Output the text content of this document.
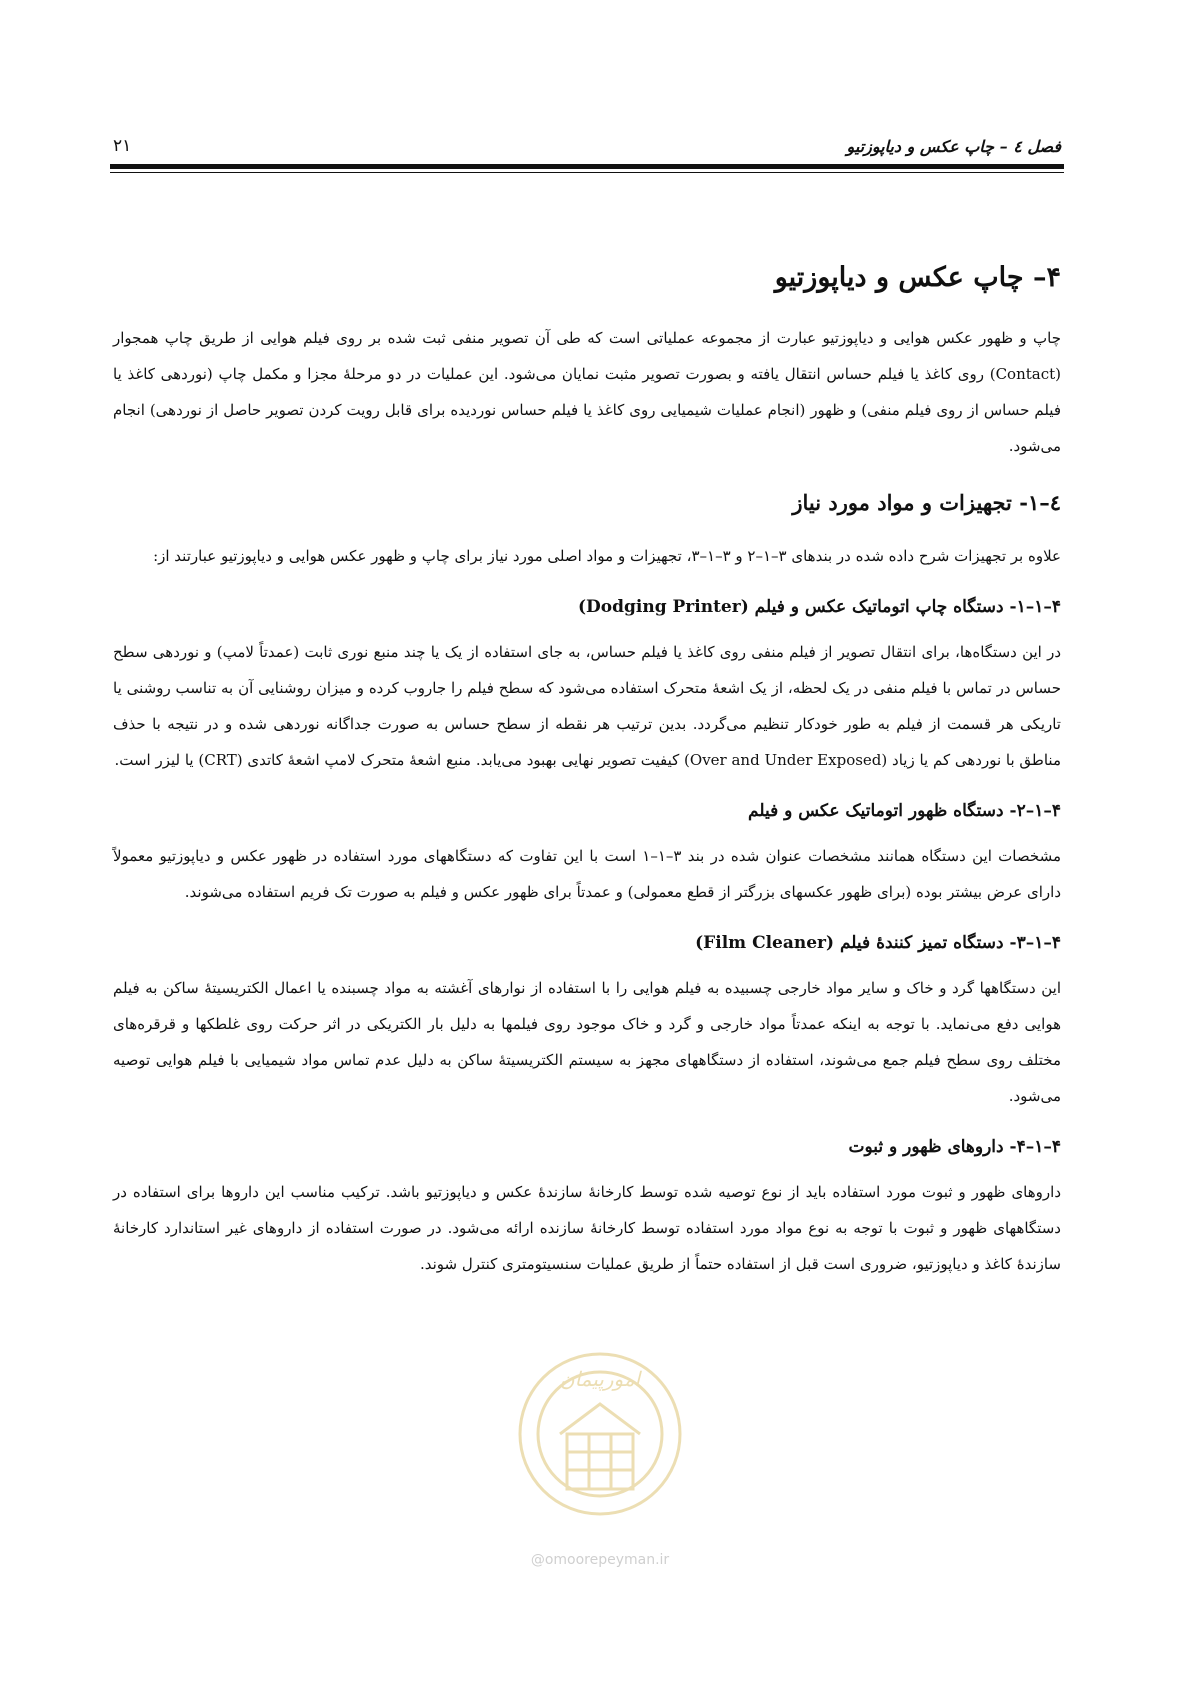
فصل ٤ – چاپ عکس و دیاپوزتیو
۲۱
۴– چاپ عکس و دیاپوزتیو

چاپ و ظهور عکس هوایی و دیاپوزتیو عبارت از مجموعه عملیاتی است که طی آن تصویر منفی ثبت شده بر روی فیلم هوایی از طریق چاپ همجوار (Contact) روی کاغذ یا فیلم حساس انتقال یافته و بصورت تصویر مثبت نمایان می‌شود. این عملیات در دو مرحلهٔ مجزا و مکمل چاپ (نوردهی کاغذ یا فیلم حساس از روی فیلم منفی) و ظهور (انجام عملیات شیمیایی روی کاغذ یا فیلم حساس نوردیده برای قابل رویت کردن تصویر حاصل از نوردهی) انجام می‌شود.

٤–۱- تجهیزات و مواد مورد نیاز

علاوه بر تجهیزات شرح داده شده در بندهای ۳–۱–۲ و ۳–۱–۳، تجهیزات و مواد اصلی مورد نیاز برای چاپ و ظهور عکس هوایی و دیاپوزتیو عبارتند از:

۴–۱–۱- دستگاه چاپ اتوماتیک عکس و فیلم (Dodging Printer)

در این دستگاه‌ها، برای انتقال تصویر از فیلم منفی روی کاغذ یا فیلم حساس، به جای استفاده از یک یا چند منبع نوری ثابت (عمدتاً لامپ) و نوردهی سطح حساس در تماس با فیلم منفی در یک لحظه، از یک اشعهٔ متحرک استفاده می‌شود که سطح فیلم را جاروب کرده و میزان روشنایی آن به تناسب روشنی یا تاریکی هر قسمت از فیلم به طور خودکار تنظیم می‌گردد. بدین ترتیب هر نقطه از سطح حساس به صورت جداگانه نوردهی شده و در نتیجه با حذف مناطق با نوردهی کم یا زیاد (Over and Under Exposed) کیفیت تصویر نهایی بهبود می‌یابد. منبع اشعهٔ متحرک لامپ اشعهٔ کاتدی (CRT) یا لیزر است.

۴–۱–۲- دستگاه ظهور اتوماتیک عکس و فیلم

مشخصات این دستگاه همانند مشخصات عنوان شده در بند ۳–۱–۱ است با این تفاوت که دستگاههای مورد استفاده در ظهور عکس و دیاپوزتیو معمولاً دارای عرض بیشتر بوده (برای ظهور عکسهای بزرگتر از قطع معمولی) و عمدتاً برای ظهور عکس و فیلم به صورت تک فریم استفاده می‌شوند.

۴–۱–۳- دستگاه تمیز کنندهٔ فیلم (Film Cleaner)

این دستگاهها گرد و خاک و سایر مواد خارجی چسبیده به فیلم هوایی را با استفاده از نوارهای آغشته به مواد چسبنده یا اعمال الکتریسیتهٔ ساکن به فیلم هوایی دفع می‌نماید. با توجه به اینکه عمدتاً مواد خارجی و گرد و خاک موجود روی فیلمها به دلیل بار الکتریکی در اثر حرکت روی غلطکها و قرقره‌های مختلف روی سطح فیلم جمع می‌شوند، استفاده از دستگاههای مجهز به سیستم الکتریسیتهٔ ساکن به دلیل عدم تماس مواد شیمیایی با فیلم هوایی توصیه می‌شود.

۴–۱–۴- داروهای ظهور و ثبوت

داروهای ظهور و ثبوت مورد استفاده باید از نوع توصیه شده توسط کارخانهٔ سازندهٔ عکس و دیاپوزتیو باشد. ترکیب مناسب این داروها برای استفاده در دستگاههای ظهور و ثبوت با توجه به نوع مواد مورد استفاده توسط کارخانهٔ سازنده ارائه می‌شود. در صورت استفاده از داروهای غیر استاندارد کارخانهٔ سازندهٔ کاغذ و دیاپوزتیو، ضروری است قبل از استفاده حتماً از طریق عملیات سنسیتومتری کنترل شوند.

امورپیمان
@omoorepeyman.ir
